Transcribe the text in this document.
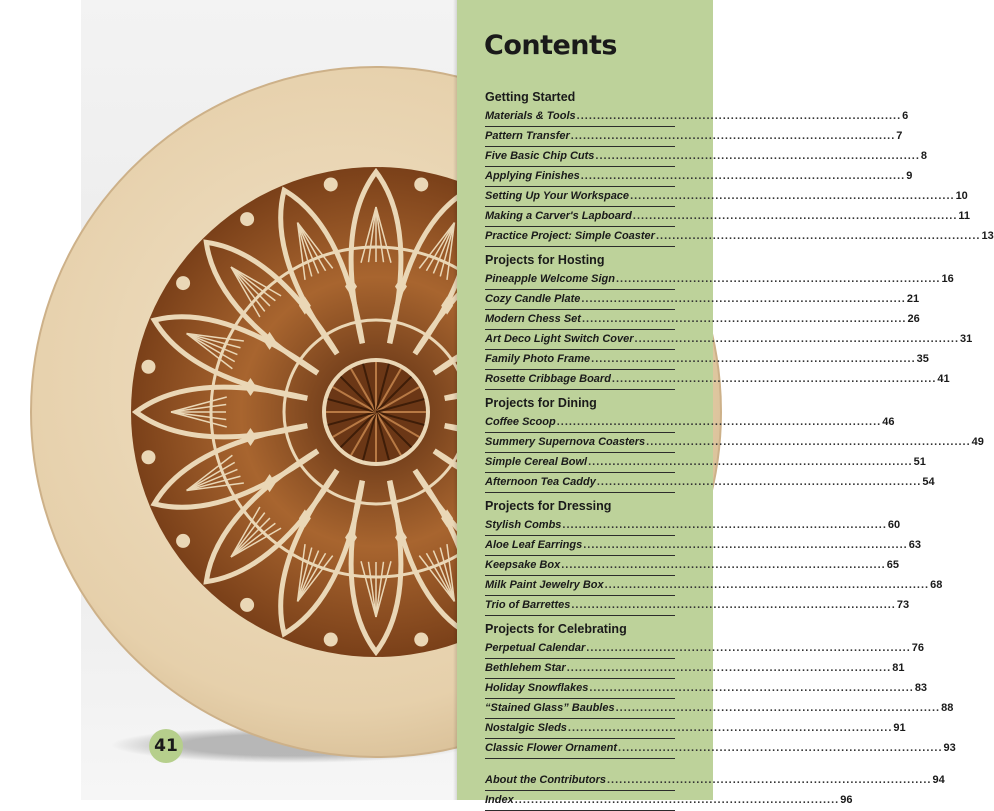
Contents
Getting Started
Materials & Tools ................................................................................ 6
Pattern Transfer ................................................................................ 7
Five Basic Chip Cuts ................................................................................ 8
Applying Finishes ................................................................................ 9
Setting Up Your Workspace ................................................................................ 10
Making a Carver's Lapboard ................................................................................ 11
Practice Project: Simple Coaster ................................................................................ 13
Projects for Hosting
Pineapple Welcome Sign ................................................................................ 16
Cozy Candle Plate ................................................................................ 21
Modern Chess Set ................................................................................ 26
Art Deco Light Switch Cover ................................................................................ 31
Family Photo Frame ................................................................................ 35
Rosette Cribbage Board ................................................................................ 41
Projects for Dining
Coffee Scoop ................................................................................ 46
Summery Supernova Coasters ................................................................................ 49
Simple Cereal Bowl ................................................................................ 51
Afternoon Tea Caddy ................................................................................ 54
Projects for Dressing
Stylish Combs ................................................................................ 60
Aloe Leaf Earrings ................................................................................ 63
Keepsake Box ................................................................................ 65
Milk Paint Jewelry Box ................................................................................ 68
Trio of Barrettes ................................................................................ 73
Projects for Celebrating
Perpetual Calendar ................................................................................ 76
Bethlehem Star ................................................................................ 81
Holiday Snowflakes ................................................................................ 83
“Stained Glass” Baubles ................................................................................ 88
Nostalgic Sleds ................................................................................ 91
Classic Flower Ornament ................................................................................ 93
About the Contributors ................................................................................ 94
Index ................................................................................ 96
41
